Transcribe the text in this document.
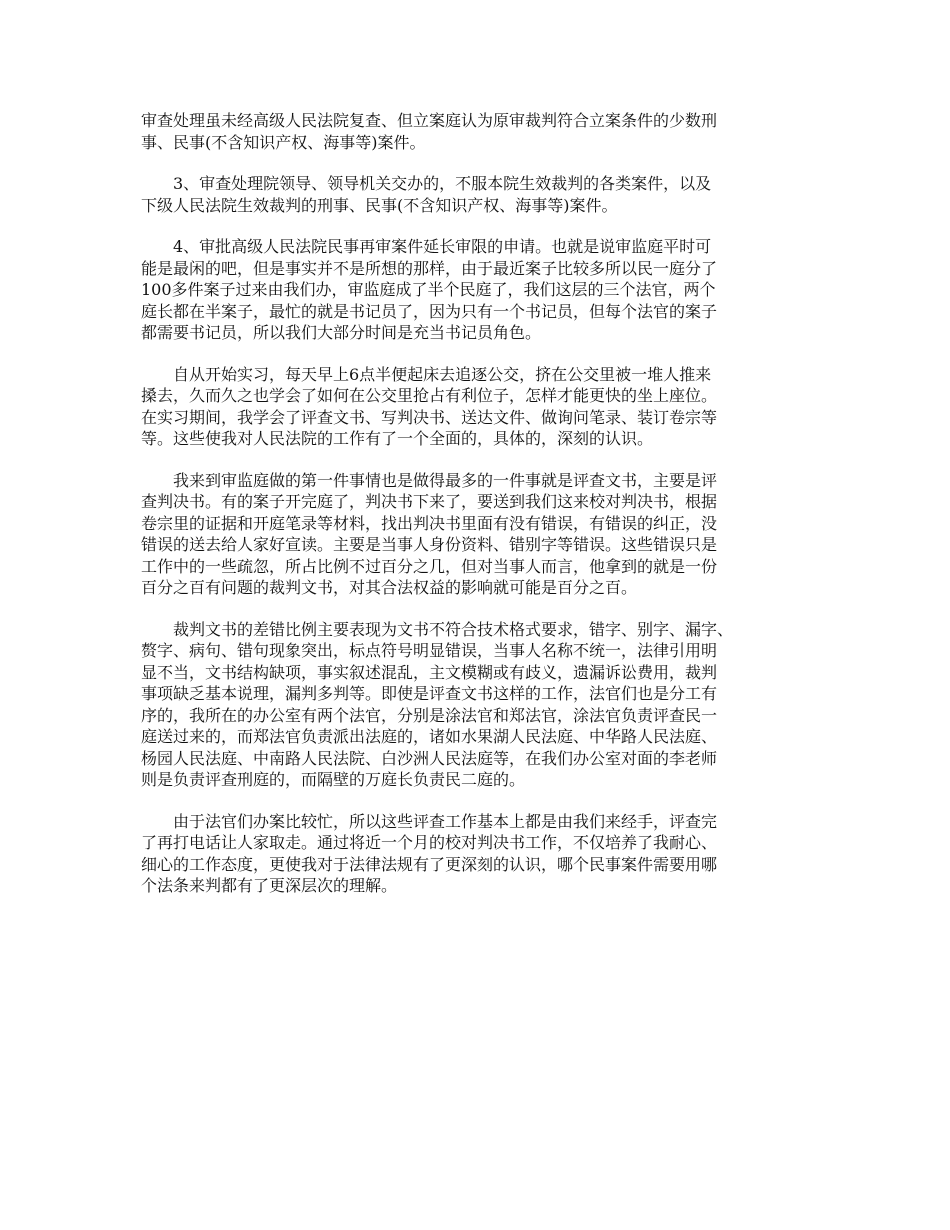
审查处理虽未经高级人民法院复查、但立案庭认为原审裁判符合立案条件的少数刑
事、民事(不含知识产权、海事等)案件。
　　3、审查处理院领导、领导机关交办的，不服本院生效裁判的各类案件，以及
下级人民法院生效裁判的刑事、民事(不含知识产权、海事等)案件。
　　4、审批高级人民法院民事再审案件延长审限的申请。也就是说审监庭平时可
能是最闲的吧，但是事实并不是所想的那样，由于最近案子比较多所以民一庭分了
100多件案子过来由我们办，审监庭成了半个民庭了，我们这层的三个法官，两个
庭长都在半案子，最忙的就是书记员了，因为只有一个书记员，但每个法官的案子
都需要书记员，所以我们大部分时间是充当书记员角色。
　　自从开始实习，每天早上6点半便起床去追逐公交，挤在公交里被一堆人推来
搡去，久而久之也学会了如何在公交里抢占有利位子，怎样才能更快的坐上座位。
在实习期间，我学会了评查文书、写判决书、送达文件、做询问笔录、装订卷宗等
等。这些使我对人民法院的工作有了一个全面的，具体的，深刻的认识。
　　我来到审监庭做的第一件事情也是做得最多的一件事就是评查文书，主要是评
查判决书。有的案子开完庭了，判决书下来了，要送到我们这来校对判决书，根据
卷宗里的证据和开庭笔录等材料，找出判决书里面有没有错误，有错误的纠正，没
错误的送去给人家好宣读。主要是当事人身份资料、错别字等错误。这些错误只是
工作中的一些疏忽，所占比例不过百分之几，但对当事人而言，他拿到的就是一份
百分之百有问题的裁判文书，对其合法权益的影响就可能是百分之百。
　　裁判文书的差错比例主要表现为文书不符合技术格式要求，错字、别字、漏字、
赘字、病句、错句现象突出，标点符号明显错误，当事人名称不统一，法律引用明
显不当，文书结构缺项，事实叙述混乱，主文模糊或有歧义，遗漏诉讼费用，裁判
事项缺乏基本说理，漏判多判等。即使是评查文书这样的工作，法官们也是分工有
序的，我所在的办公室有两个法官，分别是涂法官和郑法官，涂法官负责评查民一
庭送过来的，而郑法官负责派出法庭的，诸如水果湖人民法庭、中华路人民法庭、
杨园人民法庭、中南路人民法院、白沙洲人民法庭等，在我们办公室对面的李老师
则是负责评查刑庭的，而隔壁的万庭长负责民二庭的。
　　由于法官们办案比较忙，所以这些评查工作基本上都是由我们来经手，评查完
了再打电话让人家取走。通过将近一个月的校对判决书工作，不仅培养了我耐心、
细心的工作态度，更使我对于法律法规有了更深刻的认识，哪个民事案件需要用哪
个法条来判都有了更深层次的理解。
